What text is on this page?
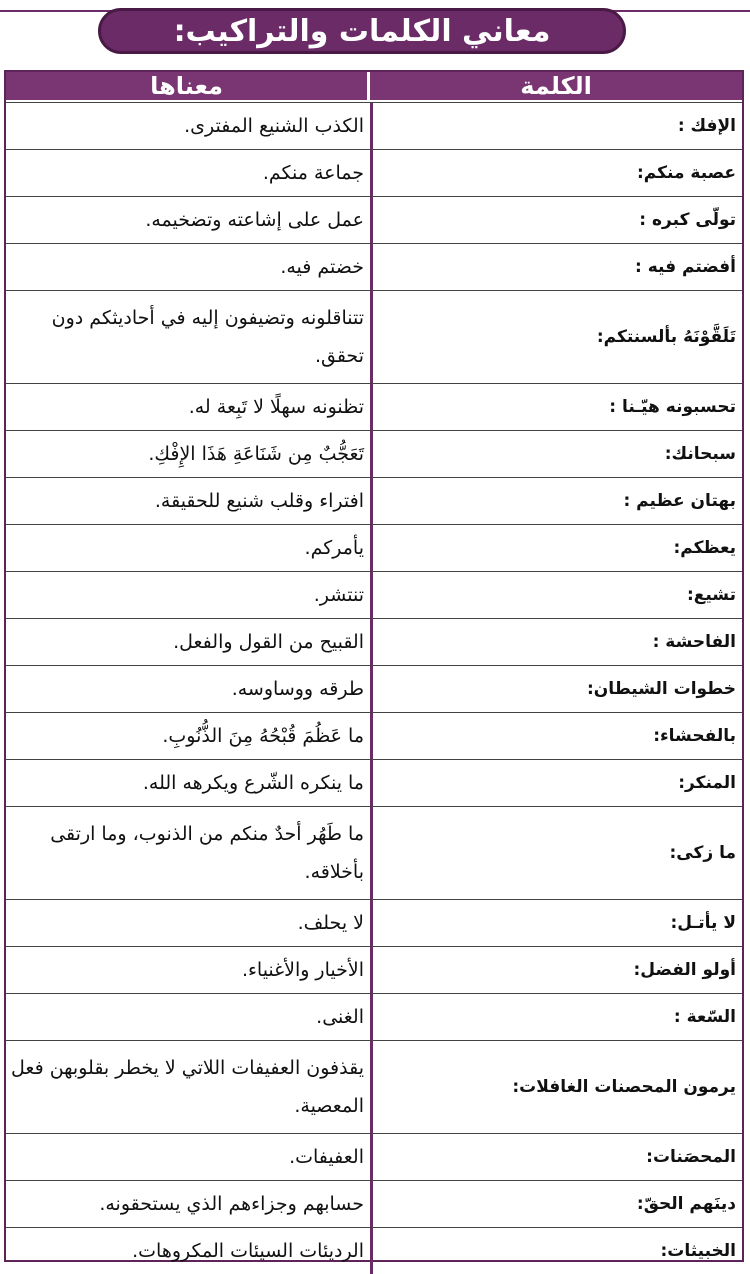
معاني الكلمات والتراكيب:
الكلمة
معناها
الإفك :
الكذب الشنيع المفترى.
عصبة منكم:
جماعة منكم.
تولّى كبره :
عمل على إشاعته وتضخيمه.
أفضتم فيه :
خضتم فيه.
تَلَقَّوْنَهُ بألسنتكم:
تتناقلونه وتضيفون إليه في أحاديثكم دون تحقق.
تحسبونه هيّـنا :
تظنونه سهلًا لا تَبِعة له.
سبحانك:
تَعَجُّبٌ مِن شَنَاعَةِ هَذَا الإِفْكِ.
بهتان عظيم :
افتراء وقلب شنيع للحقيقة.
يعظكم:
يأمركم.
تشيع:
تنتشر.
الفاحشة :
القبيح من القول والفعل.
خطوات الشيطان:
طرقه ووساوسه.
بالفحشاء:
ما عَظُمَ قُبْحُهُ مِنَ الذُّنُوبِ.
المنكر:
ما ينكره الشّرع ويكرهه الله.
ما زكى:
ما طَهُر أحدٌ منكم من الذنوب، وما ارتقى بأخلاقه.
لا يأتـل:
لا يحلف.
أولو الفضل:
الأخيار والأغنياء.
السّعة :
الغنى.
يرمون المحصنات الغافلات:
يقذفون العفيفات اللاتي لا يخطر بقلوبهن فعل المعصية.
المحصَنات:
العفيفات.
دينَهم الحقّ:
حسابهم وجزاءهم الذي يستحقونه.
الخبيثات:
الرديئات السيئات المكروهات.
